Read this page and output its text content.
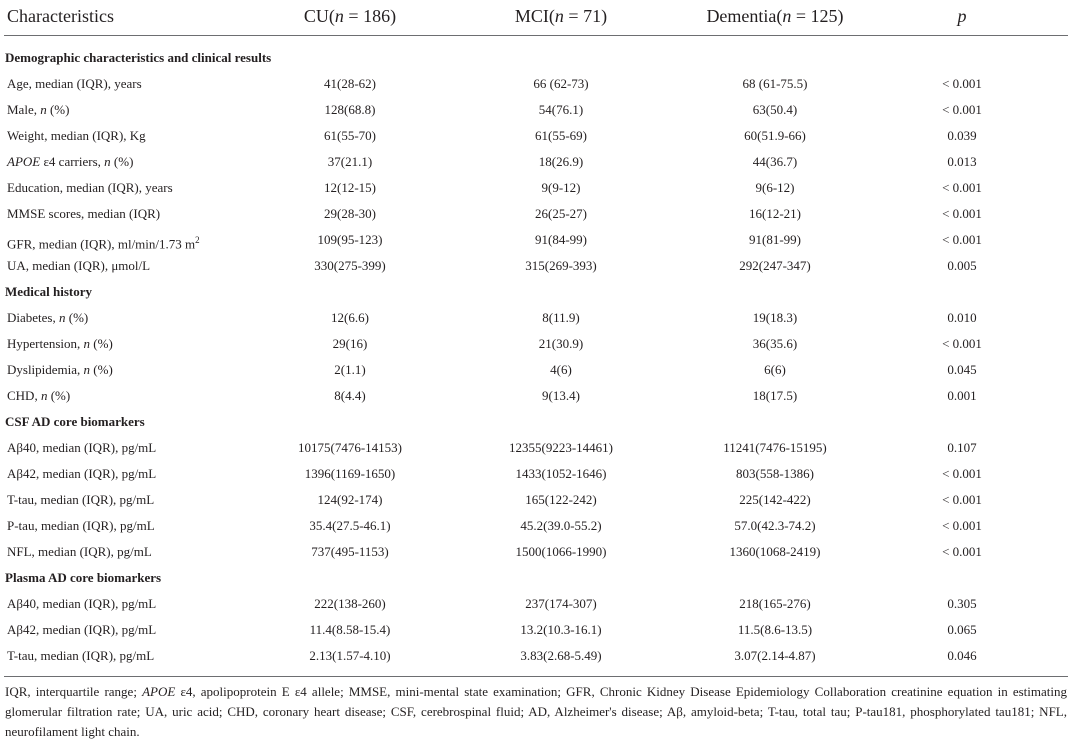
Characteristics	CU(n = 186)	MCI(n = 71)	Dementia(n = 125)	p
Demographic characteristics and clinical results
Age, median (IQR), years	41(28-62)	66 (62-73)	68 (61-75.5)	< 0.001
Male, n (%)	128(68.8)	54(76.1)	63(50.4)	< 0.001
Weight, median (IQR), Kg	61(55-70)	61(55-69)	60(51.9-66)	0.039
APOE ε4 carriers, n (%)	37(21.1)	18(26.9)	44(36.7)	0.013
Education, median (IQR), years	12(12-15)	9(9-12)	9(6-12)	< 0.001
MMSE scores, median (IQR)	29(28-30)	26(25-27)	16(12-21)	< 0.001
GFR, median (IQR), ml/min/1.73 $m^2$	109(95-123)	91(84-99)	91(81-99)	< 0.001
UA, median (IQR), μmol/L	330(275-399)	315(269-393)	292(247-347)	0.005
Medical history
Diabetes, n (%)	12(6.6)	8(11.9)	19(18.3)	0.010
Hypertension, n (%)	29(16)	21(30.9)	36(35.6)	< 0.001
Dyslipidemia, n (%)	2(1.1)	4(6)	6(6)	0.045
CHD, n (%)	8(4.4)	9(13.4)	18(17.5)	0.001
CSF AD core biomarkers
Aβ40, median (IQR), pg/mL	10175(7476-14153)	12355(9223-14461)	11241(7476-15195)	0.107
Aβ42, median (IQR), pg/mL	1396(1169-1650)	1433(1052-1646)	803(558-1386)	< 0.001
T-tau, median (IQR), pg/mL	124(92-174)	165(122-242)	225(142-422)	< 0.001
P-tau, median (IQR), pg/mL	35.4(27.5-46.1)	45.2(39.0-55.2)	57.0(42.3-74.2)	< 0.001
NFL, median (IQR), pg/mL	737(495-1153)	1500(1066-1990)	1360(1068-2419)	< 0.001
Plasma AD core biomarkers
Aβ40, median (IQR), pg/mL	222(138-260)	237(174-307)	218(165-276)	0.305
Aβ42, median (IQR), pg/mL	11.4(8.58-15.4)	13.2(10.3-16.1)	11.5(8.6-13.5)	0.065
T-tau, median (IQR), pg/mL	2.13(1.57-4.10)	3.83(2.68-5.49)	3.07(2.14-4.87)	0.046
IQR, interquartile range; APOE ε4, apolipoprotein E ε4 allele; MMSE, mini-mental state examination; GFR, Chronic Kidney Disease Epidemiology Collaboration creatinine equation in estimating glomerular filtration rate; UA, uric acid; CHD, coronary heart disease; CSF, cerebrospinal fluid; AD, Alzheimer's disease; Aβ, amyloid-beta; T-tau, total tau; P-tau181, phosphorylated tau181; NFL, neurofilament light chain.
